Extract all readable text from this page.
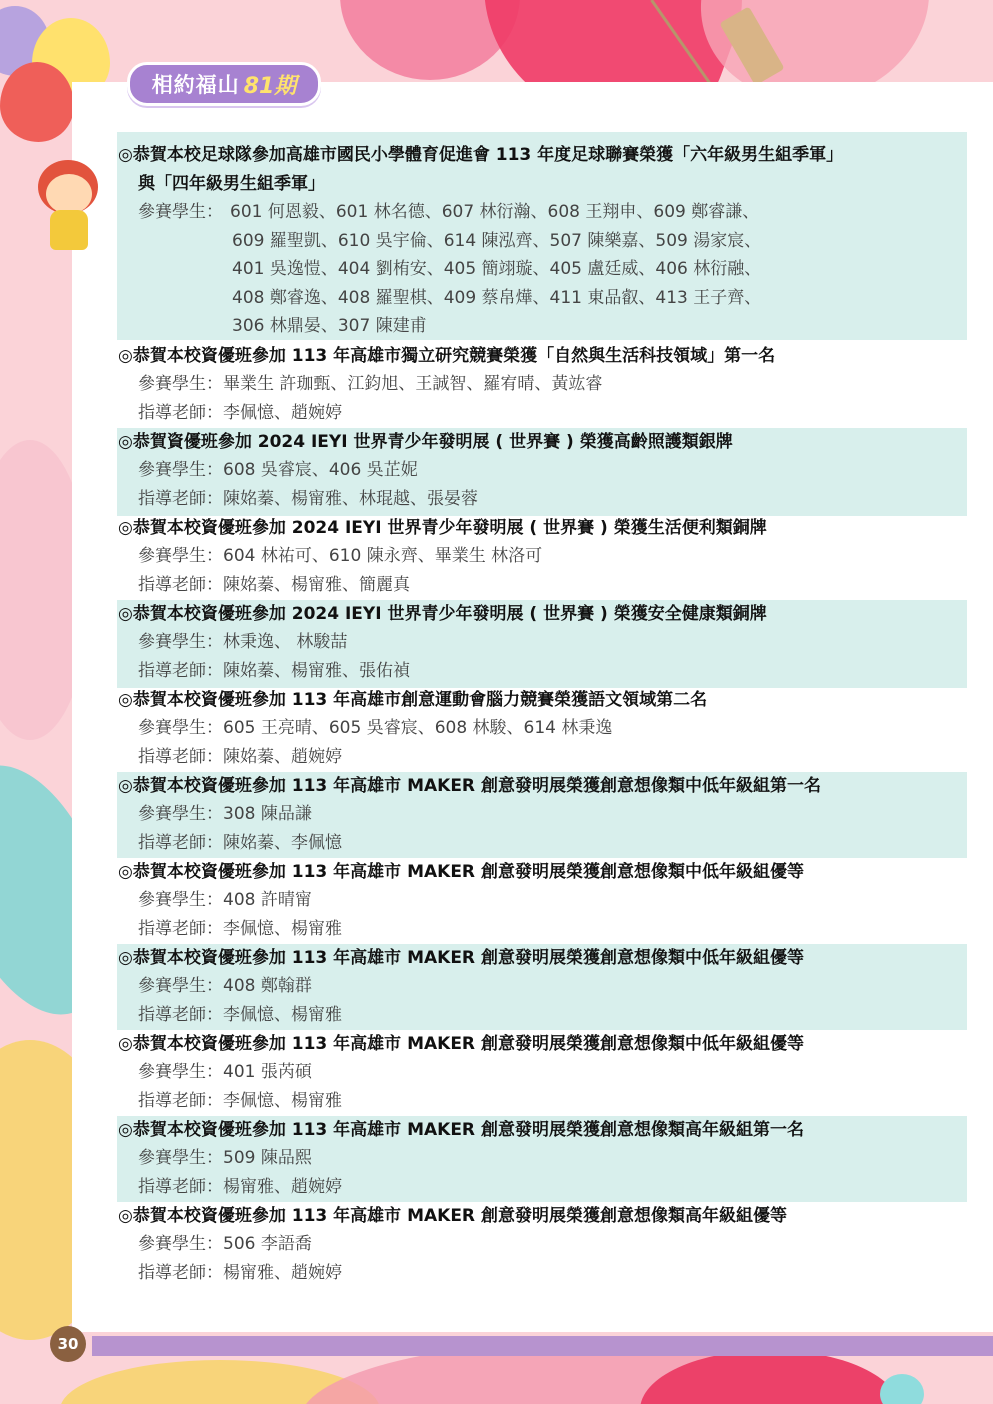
相約福山 81期
◎恭賀本校足球隊參加高雄市國民小學體育促進會 113 年度足球聯賽榮獲「六年級男生組季軍」
與「四年級男生組季軍」
參賽學生： 601 何恩毅、601 林名德、607 林衍瀚、608 王翔申、609 鄭睿謙、
609 羅聖凱、610 吳宇倫、614 陳泓齊、507 陳樂嘉、509 湯家宸、
401 吳逸愷、404 劉栯安、405 簡翊璇、405 盧廷威、406 林衍融、
408 鄭睿逸、408 羅聖棋、409 蔡帛燁、411 東品叡、413 王子齊、
306 林鼎晏、307 陳建甫
◎恭賀本校資優班參加 113 年高雄市獨立研究競賽榮獲「自然與生活科技領域」第一名
參賽學生：畢業生 許珈甄、江鈞旭、王誠智、羅宥晴、黃竑睿
指導老師：李佩憶、趙婉婷
◎恭賀資優班參加 2024 IEYI 世界青少年發明展 ( 世界賽 ) 榮獲高齡照護類銀牌
參賽學生：608 吳睿宸、406 吳芷妮
指導老師：陳姳蓁、楊甯雅、林琨越、張晏蓉
◎恭賀本校資優班參加 2024 IEYI 世界青少年發明展 ( 世界賽 ) 榮獲生活便利類銅牌
參賽學生：604 林祐可、610 陳永齊、畢業生 林洛可
指導老師：陳姳蓁、楊甯雅、簡麗真
◎恭賀本校資優班參加 2024 IEYI 世界青少年發明展 ( 世界賽 ) 榮獲安全健康類銅牌
參賽學生：林秉逸、 林駿喆
指導老師：陳姳蓁、楊甯雅、張佑禎
◎恭賀本校資優班參加 113 年高雄市創意運動會腦力競賽榮獲語文領域第二名
參賽學生：605 王亮晴、605 吳睿宸、608 林駿、614 林秉逸
指導老師：陳姳蓁、趙婉婷
◎恭賀本校資優班參加 113 年高雄市 MAKER 創意發明展榮獲創意想像類中低年級組第一名
參賽學生：308 陳品謙
指導老師：陳姳蓁、李佩憶
◎恭賀本校資優班參加 113 年高雄市 MAKER 創意發明展榮獲創意想像類中低年級組優等
參賽學生：408 許晴甯
指導老師：李佩憶、楊甯雅
◎恭賀本校資優班參加 113 年高雄市 MAKER 創意發明展榮獲創意想像類中低年級組優等
參賽學生：408 鄭翰群
指導老師：李佩憶、楊甯雅
◎恭賀本校資優班參加 113 年高雄市 MAKER 創意發明展榮獲創意想像類中低年級組優等
參賽學生：401 張芮碩
指導老師：李佩憶、楊甯雅
◎恭賀本校資優班參加 113 年高雄市 MAKER 創意發明展榮獲創意想像類高年級組第一名
參賽學生：509 陳品熙
指導老師：楊甯雅、趙婉婷
◎恭賀本校資優班參加 113 年高雄市 MAKER 創意發明展榮獲創意想像類高年級組優等
參賽學生：506 李語喬
指導老師：楊甯雅、趙婉婷
30
